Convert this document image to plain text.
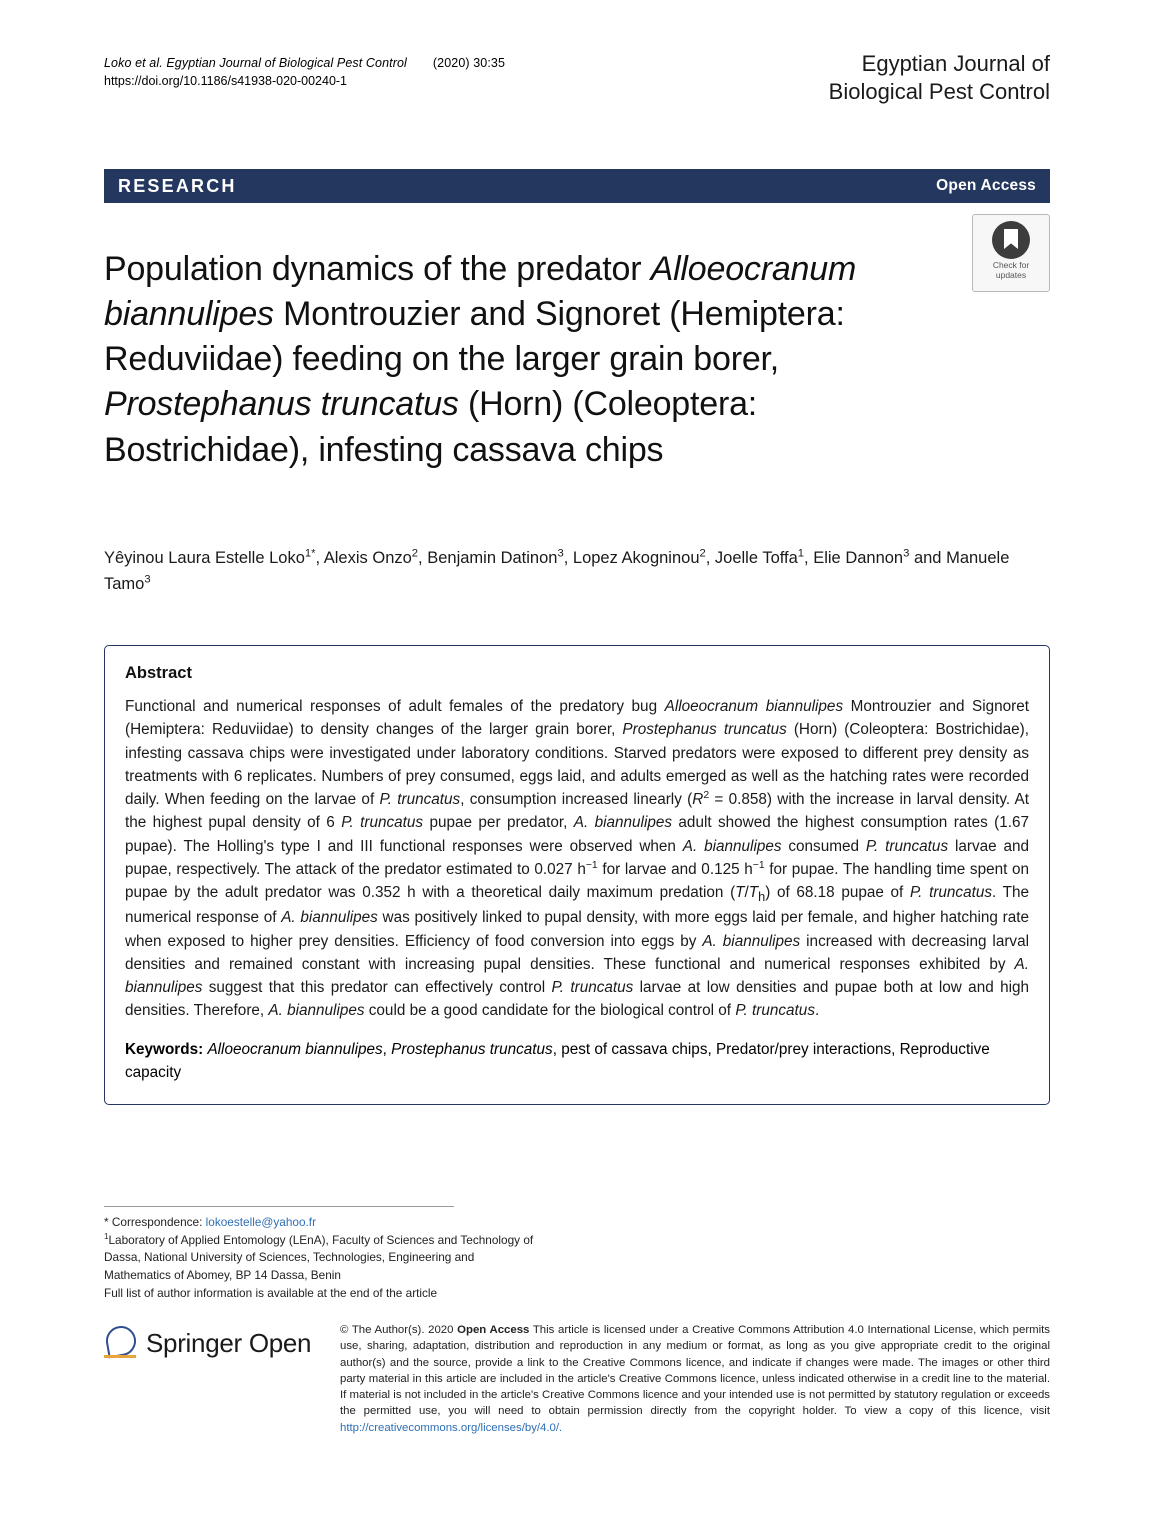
Loko et al. Egyptian Journal of Biological Pest Control (2020) 30:35
https://doi.org/10.1186/s41938-020-00240-1
Egyptian Journal of
Biological Pest Control
RESEARCH	Open Access
Population dynamics of the predator Alloeocranum biannulipes Montrouzier and Signoret (Hemiptera: Reduviidae) feeding on the larger grain borer, Prostephanus truncatus (Horn) (Coleoptera: Bostrichidae), infesting cassava chips
Check for
updates
Yêyinou Laura Estelle Loko$^{1*}$, Alexis Onzo$^2$, Benjamin Datinon$^3$, Lopez Akogninou$^2$, Joelle Toffa$^1$, Elie Dannon$^3$ and Manuele Tamo$^3$
Abstract

Functional and numerical responses of adult females of the predatory bug Alloeocranum biannulipes Montrouzier and Signoret (Hemiptera: Reduviidae) to density changes of the larger grain borer, Prostephanus truncatus (Horn) (Coleoptera: Bostrichidae), infesting cassava chips were investigated under laboratory conditions. Starved predators were exposed to different prey density as treatments with 6 replicates. Numbers of prey consumed, eggs laid, and adults emerged as well as the hatching rates were recorded daily. When feeding on the larvae of P. truncatus, consumption increased linearly $(R^2 = 0.858)$ with the increase in larval density. At the highest pupal density of 6 P. truncatus pupae per predator, A. biannulipes adult showed the highest consumption rates (1.67 pupae). The Holling's type I and III functional responses were observed when A. biannulipes consumed P. truncatus larvae and pupae, respectively. The attack of the predator estimated to 0.027 $h^{-1}$ for larvae and 0.125 $h^{-1}$ for pupae. The handling time spent on pupae by the adult predator was 0.352 h with a theoretical daily maximum predation $(T/T_h)$ of 68.18 pupae of P. truncatus. The numerical response of A. biannulipes was positively linked to pupal density, with more eggs laid per female, and higher hatching rate when exposed to higher prey densities. Efficiency of food conversion into eggs by A. biannulipes increased with decreasing larval densities and remained constant with increasing pupal densities. These functional and numerical responses exhibited by A. biannulipes suggest that this predator can effectively control P. truncatus larvae at low densities and pupae both at low and high densities. Therefore, A. biannulipes could be a good candidate for the biological control of P. truncatus.

Keywords: Alloeocranum biannulipes, Prostephanus truncatus, pest of cassava chips, Predator/prey interactions, Reproductive capacity
* Correspondence: lokoestelle@yahoo.fr
$^1$Laboratory of Applied Entomology (LEnA), Faculty of Sciences and Technology of Dassa, National University of Sciences, Technologies, Engineering and Mathematics of Abomey, BP 14 Dassa, Benin
Full list of author information is available at the end of the article
Springer Open	© The Author(s). 2020 Open Access This article is licensed under a Creative Commons Attribution 4.0 International License, which permits use, sharing, adaptation, distribution and reproduction in any medium or format, as long as you give appropriate credit to the original author(s) and the source, provide a link to the Creative Commons licence, and indicate if changes were made. The images or other third party material in this article are included in the article's Creative Commons licence, unless indicated otherwise in a credit line to the material. If material is not included in the article's Creative Commons licence and your intended use is not permitted by statutory regulation or exceeds the permitted use, you will need to obtain permission directly from the copyright holder. To view a copy of this licence, visit http://creativecommons.org/licenses/by/4.0/.
